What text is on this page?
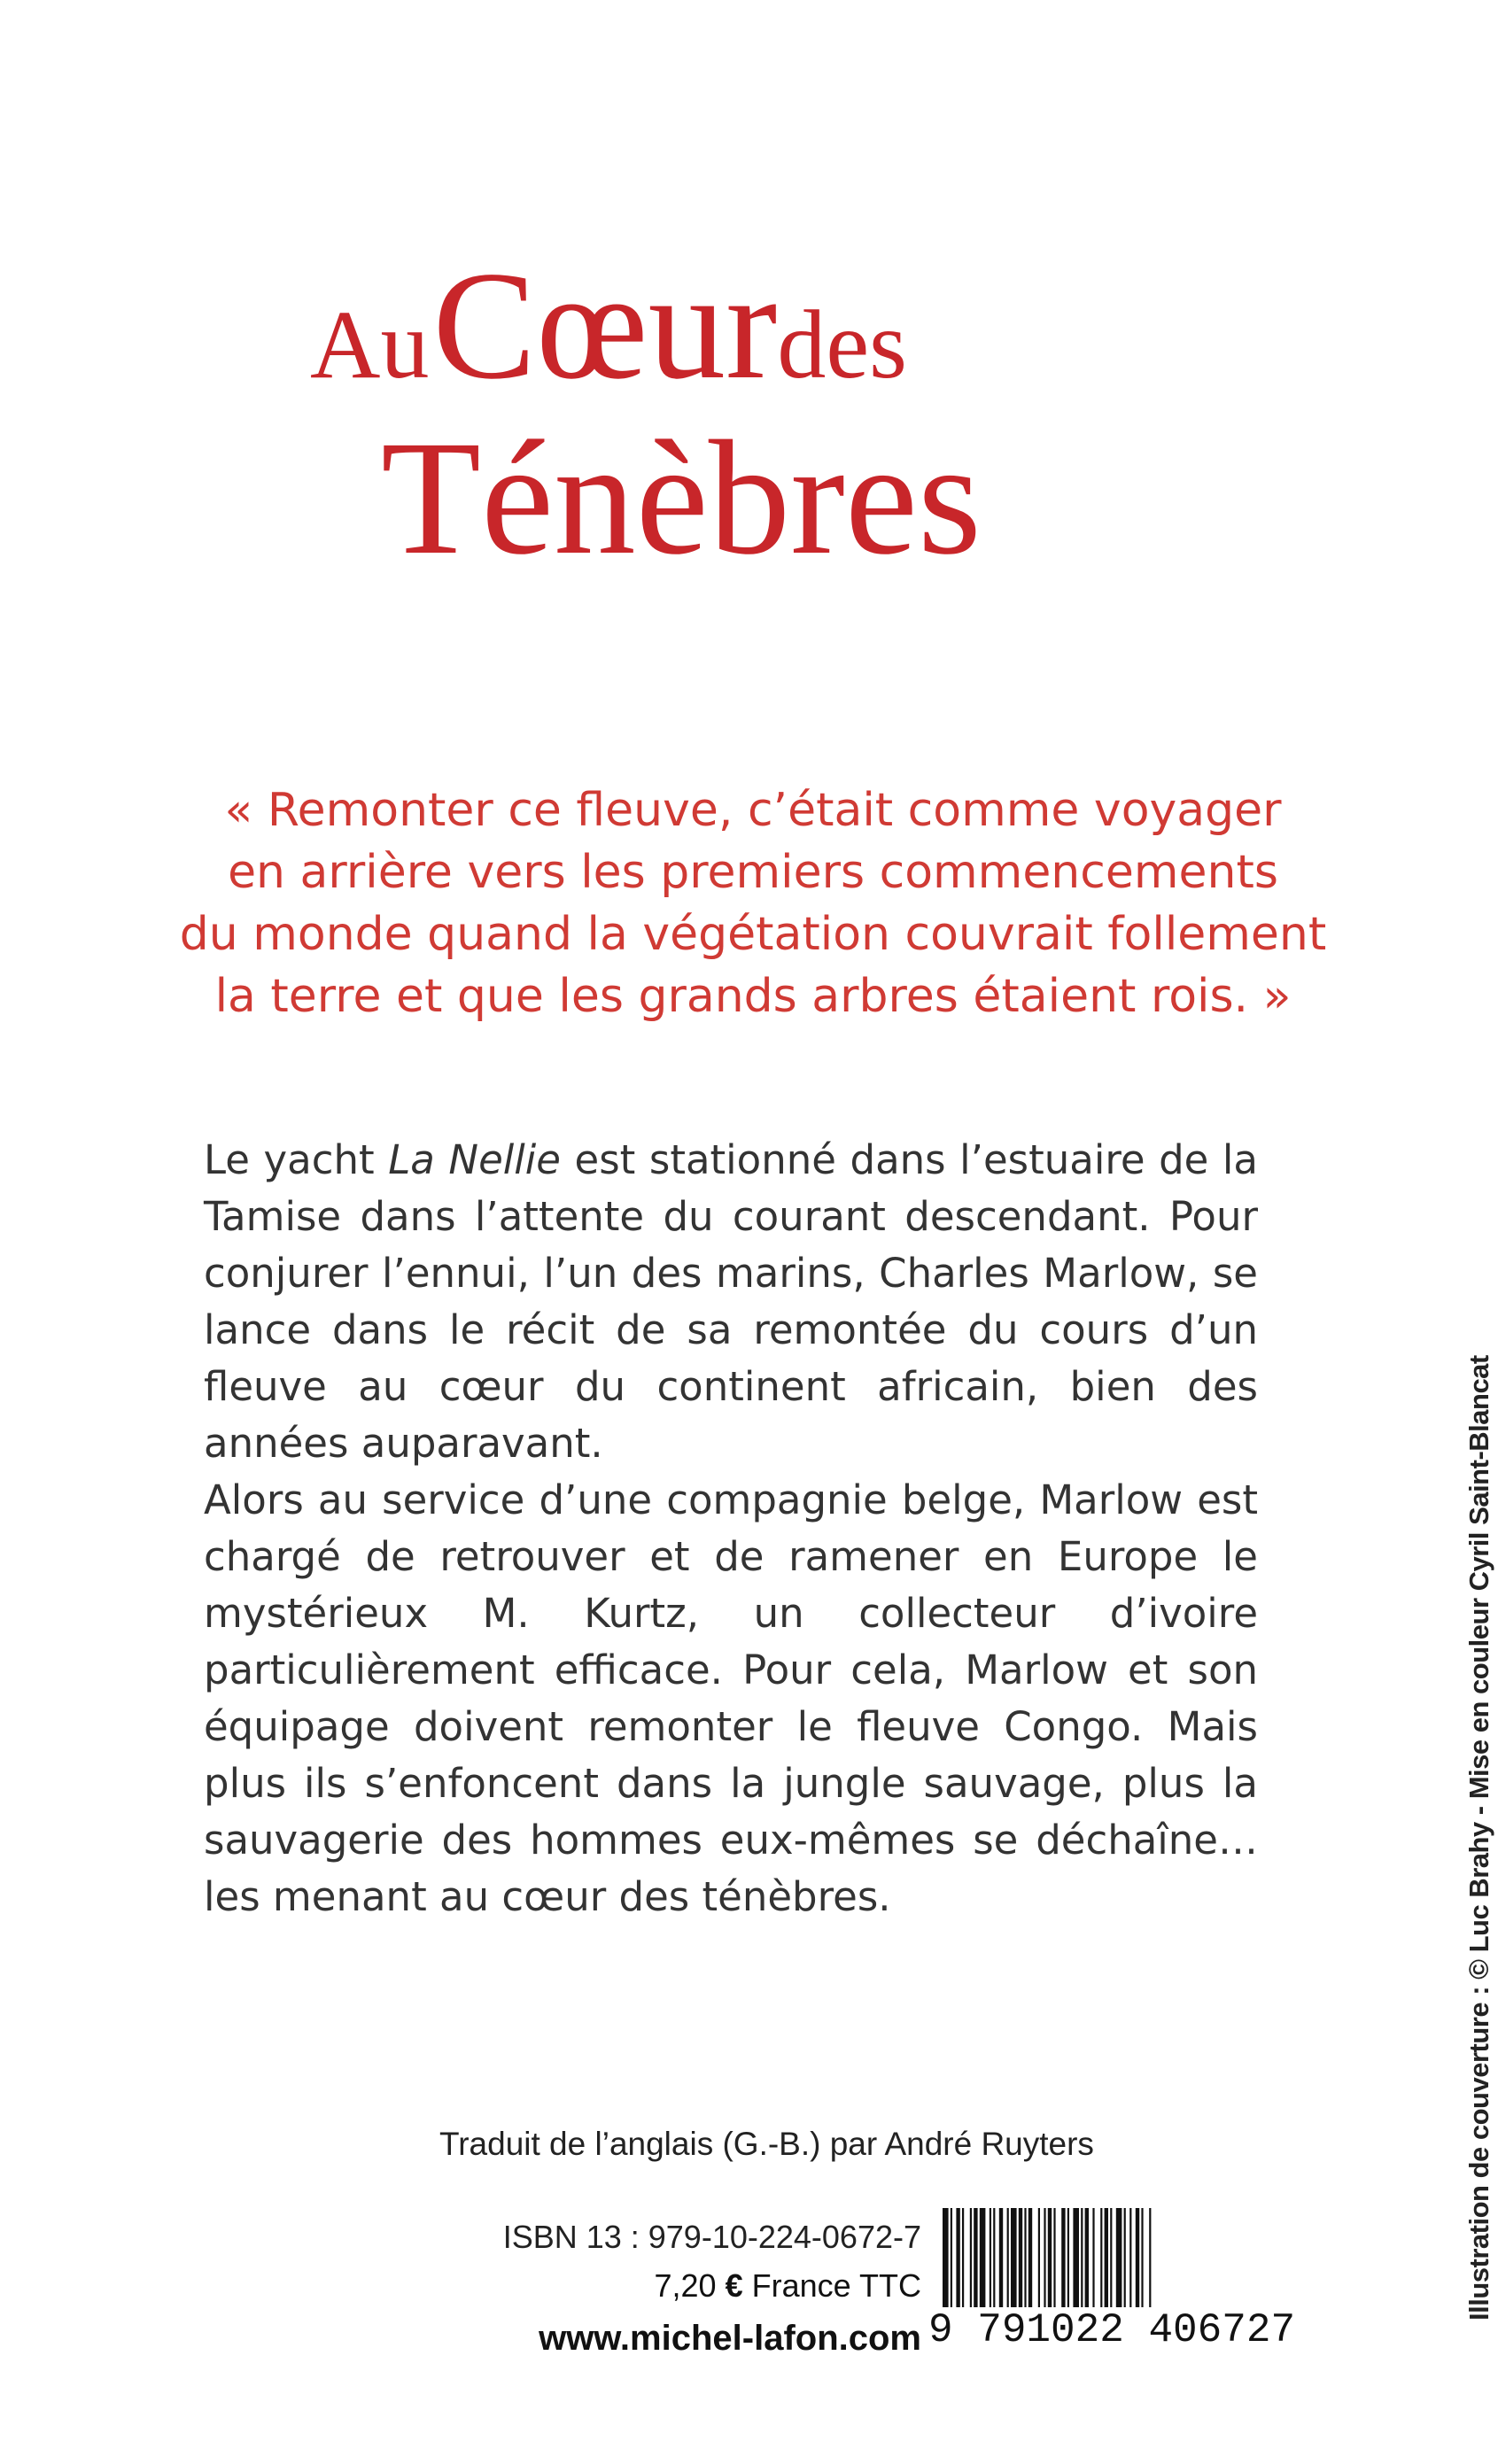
Au Cœurdes
Ténèbres
« Remonter ce fleuve, c’était comme voyager
en arrière vers les premiers commencements
du monde quand la végétation couvrait follement
la terre et que les grands arbres étaient rois. »

Le yacht La Nellie est stationné dans l’estuaire de la Tamise dans l’attente du courant descendant. Pour conjurer l’ennui, l’un des marins, Charles Marlow, se lance dans le récit de sa remontée du cours d’un fleuve au cœur du continent africain, bien des années auparavant.

Alors au service d’une compagnie belge, Marlow est chargé de retrouver et de ramener en Europe le mystérieux M. Kurtz, un collecteur d’ivoire particulièrement efficace. Pour cela, Marlow et son équipage doivent remonter le fleuve Congo. Mais plus ils s’enfoncent dans la jungle sauvage, plus la sauvagerie des hommes eux-mêmes se déchaîne… les menant au cœur des ténèbres.

Traduit de l’anglais (G.-B.) par André Ruyters
ISBN 13 : 979-10-224-0672-7
7,20 € France TTC
www.michel-lafon.com 9 791022 406727
Illustration de couverture : © Luc Brahy - Mise en couleur Cyril Saint-Blancat
